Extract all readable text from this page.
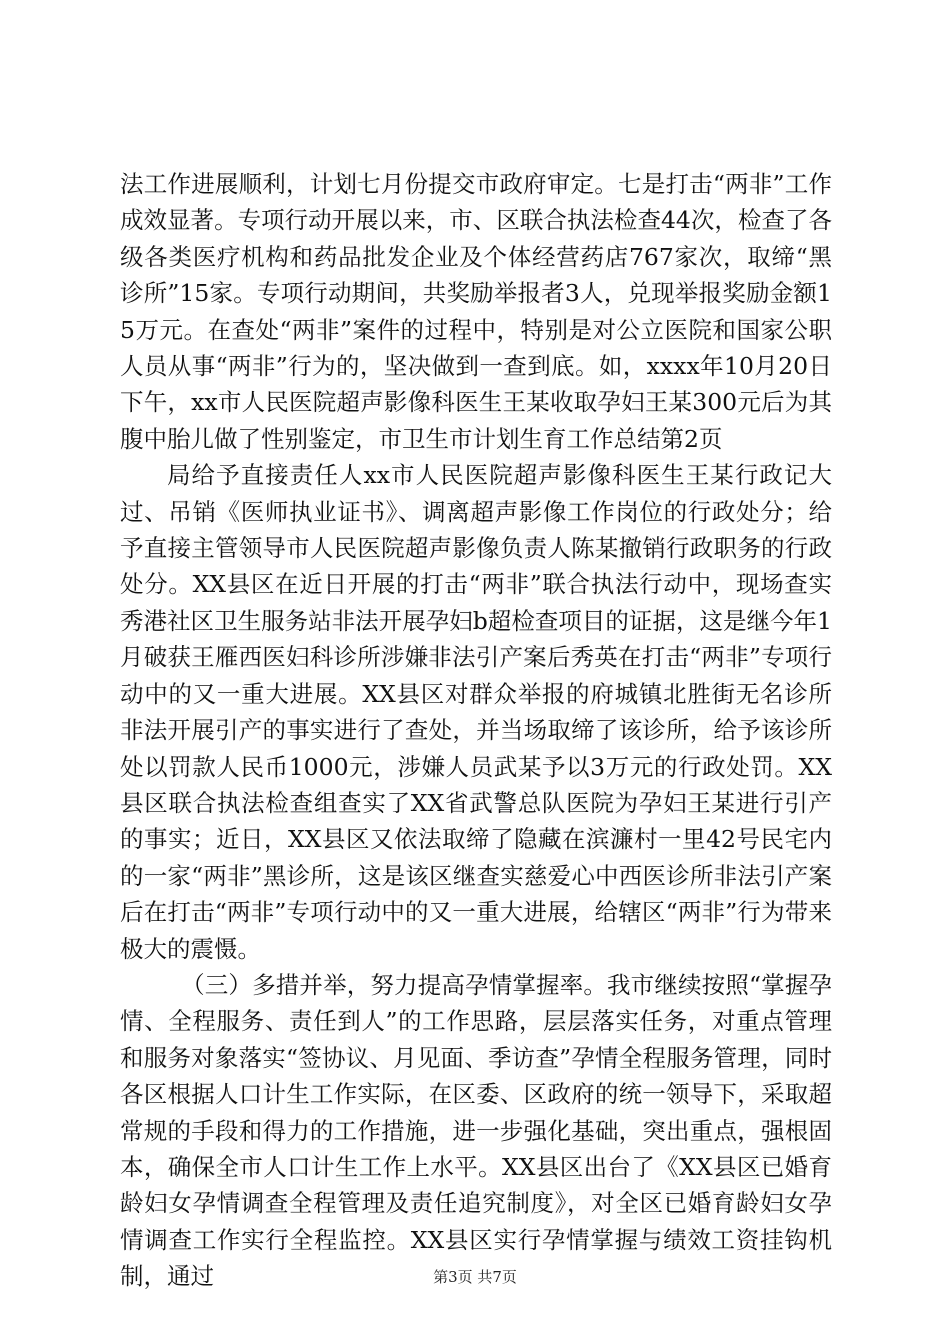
法工作进展顺利，计划七月份提交市政府审定。七是打击“两非”工作成效显著。专项行动开展以来，市、区联合执法检查44次，检查了各级各类医疗机构和药品批发企业及个体经营药店767家次，取缔“黑诊所”15家。专项行动期间，共奖励举报者3人，兑现举报奖励金额15万元。在查处“两非”案件的过程中，特别是对公立医院和国家公职人员从事“两非”行为的，坚决做到一查到底。如，xxxx年10月20日下午，xx市人民医院超声影像科医生王某收取孕妇王某300元后为其腹中胎儿做了性别鉴定，市卫生市计划生育工作总结第2页

局给予直接责任人xx市人民医院超声影像科医生王某行政记大过、吊销《医师执业证书》、调离超声影像工作岗位的行政处分；给予直接主管领导市人民医院超声影像负责人陈某撤销行政职务的行政处分。XX县区在近日开展的打击“两非”联合执法行动中，现场查实秀港社区卫生服务站非法开展孕妇b超检查项目的证据，这是继今年1月破获王雁西医妇科诊所涉嫌非法引产案后秀英在打击“两非”专项行动中的又一重大进展。XX县区对群众举报的府城镇北胜街无名诊所非法开展引产的事实进行了查处，并当场取缔了该诊所，给予该诊所处以罚款人民币1000元，涉嫌人员武某予以3万元的行政处罚。XX县区联合执法检查组查实了XX省武警总队医院为孕妇王某进行引产的事实；近日，XX县区又依法取缔了隐藏在滨濂村一里42号民宅内的一家“两非”黑诊所，这是该区继查实慈爱心中西医诊所非法引产案后在打击“两非”专项行动中的又一重大进展，给辖区“两非”行为带来极大的震慑。

（三）多措并举，努力提高孕情掌握率。我市继续按照“掌握孕情、全程服务、责任到人”的工作思路，层层落实任务，对重点管理和服务对象落实“签协议、月见面、季访查”孕情全程服务管理，同时各区根据人口计生工作实际，在区委、区政府的统一领导下，采取超常规的手段和得力的工作措施，进一步强化基础，突出重点，强根固本，确保全市人口计生工作上水平。XX县区出台了《XX县区已婚育龄妇女孕情调查全程管理及责任追究制度》，对全区已婚育龄妇女孕情调查工作实行全程监控。XX县区实行孕情掌握与绩效工资挂钩机制，通过	第3页 共7页
